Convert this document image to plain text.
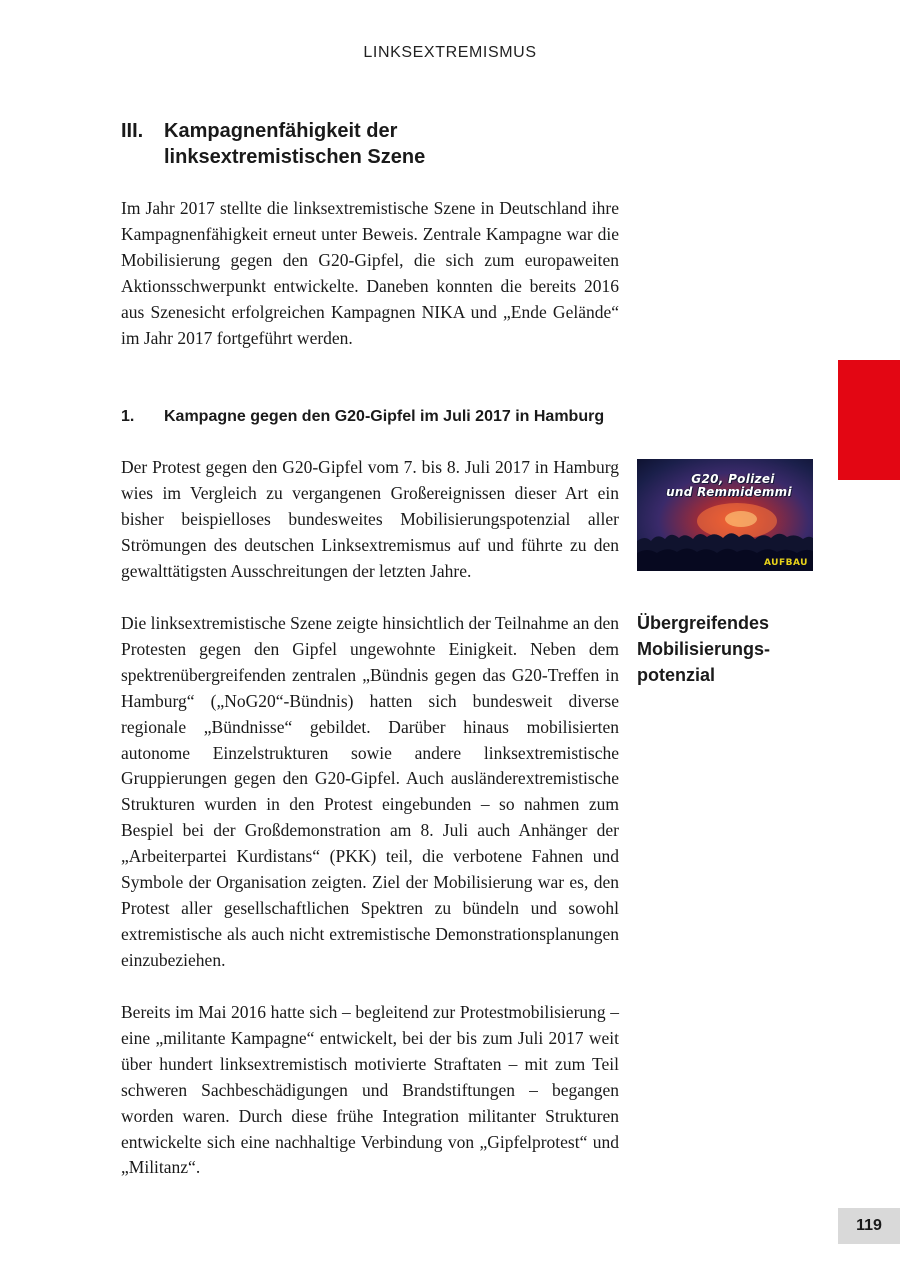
LINKSEXTREMISMUS
III. Kampagnenfähigkeit der
linksextremistischen Szene

Im Jahr 2017 stellte die linksextremistische Szene in Deutschland ihre Kampagnenfähigkeit erneut unter Beweis. Zentrale Kampagne war die Mobilisierung gegen den G20-Gipfel, die sich zum europaweiten Aktionsschwerpunkt entwickelte. Daneben konnten die bereits 2016 aus Szenesicht erfolgreichen Kampagnen NIKA und „Ende Gelände“ im Jahr 2017 fortgeführt werden.

1. Kampagne gegen den G20-Gipfel im Juli 2017 in Hamburg

Der Protest gegen den G20-Gipfel vom 7. bis 8. Juli 2017 in Hamburg wies im Vergleich zu vergangenen Großereignissen dieser Art ein bisher beispielloses bundesweites Mobilisierungspotenzial aller Strömungen des deutschen Linksextremismus auf und führte zu den gewalttätigsten Ausschreitungen der letzten Jahre.

Die linksextremistische Szene zeigte hinsichtlich der Teilnahme an den Protesten gegen den Gipfel ungewohnte Einigkeit. Neben dem spektrenübergreifenden zentralen „Bündnis gegen das G20-Treffen in Hamburg“ („NoG20“-Bündnis) hatten sich bundesweit diverse regionale „Bündnisse“ gebildet. Darüber hinaus mobilisierten autonome Einzelstrukturen sowie andere linksextremistische Gruppierungen gegen den G20-Gipfel. Auch ausländerextremistische Strukturen wurden in den Protest eingebunden – so nahmen zum Bespiel bei der Großdemonstration am 8. Juli auch Anhänger der „Arbeiterpartei Kurdistans“ (PKK) teil, die verbotene Fahnen und Symbole der Organisation zeigten. Ziel der Mobilisierung war es, den Protest aller gesellschaftlichen Spektren zu bündeln und sowohl extremistische als auch nicht extremistische Demonstrationsplanungen einzubeziehen.

Bereits im Mai 2016 hatte sich – begleitend zur Protestmobilisierung – eine „militante Kampagne“ entwickelt, bei der bis zum Juli 2017 weit über hundert linksextremistisch motivierte Straftaten – mit zum Teil schweren Sachbeschädigungen und Brandstiftungen – begangen worden waren. Durch diese frühe Integration militanter Strukturen entwickelte sich eine nachhaltige Verbindung von „Gipfelprotest“ und „Militanz“.

G20, Polizei
und Remmidemmi
AUFBAU
Übergreifendes
Mobilisierungs-
potenzial
119
